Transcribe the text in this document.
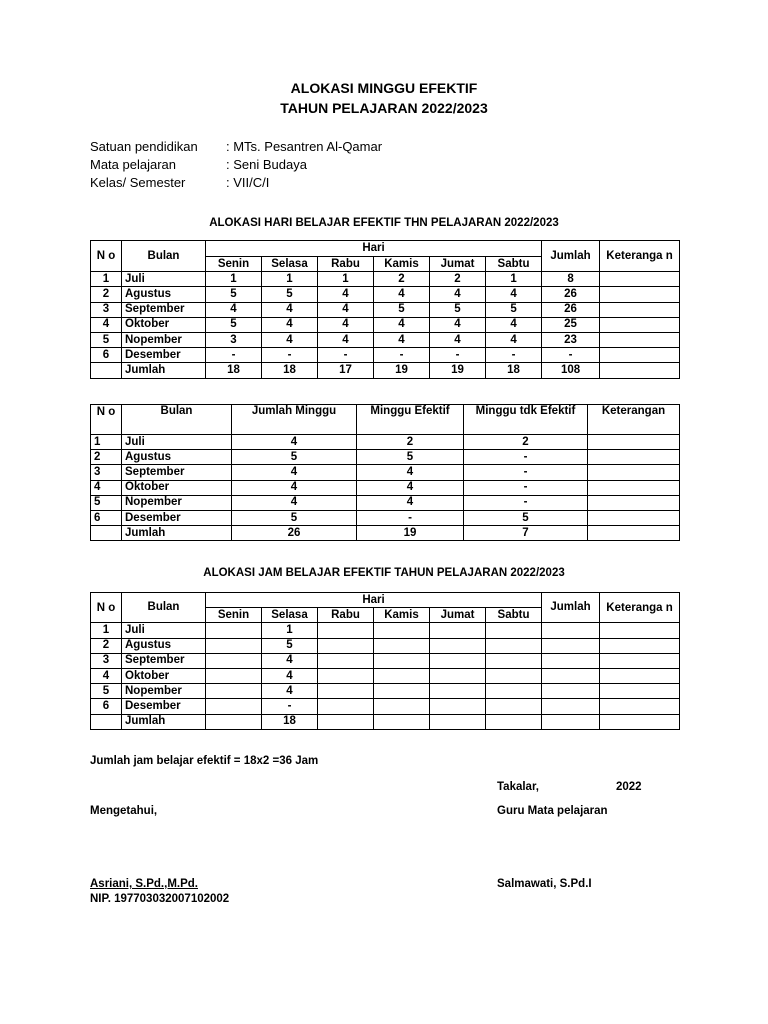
ALOKASI MINGGU EFEKTIF
TAHUN PELAJARAN 2022/2023
Satuan pendidikan : MTs. Pesantren Al-Qamar
Mata pelajaran	: Seni Budaya
Kelas/ Semester	: VII/C/I
ALOKASI HARI BELAJAR EFEKTIF THN PELAJARAN 2022/2023
N o	Bulan	Hari						Jumlah	Keteranga n
		Senin	Selasa	Rabu	Kamis	Jumat	Sabtu		
1	Juli	1	1	1	2	2	1	8	
2	Agustus	5	5	4	4	4	4	26	
3	September	4	4	4	5	5	5	26	
4	Oktober	5	4	4	4	4	4	25	
5	Nopember	3	4	4	4	4	4	23	
6	Desember	-	-	-	-	-	-	-	
	Jumlah	18	18	17	19	19	18	108	
N o	Bulan	Jumlah Minggu	Minggu Efektif	Minggu tdk Efektif	Keterangan
1	Juli	4	2	2	
2	Agustus	5	5	-	
3	September	4	4	-	
4	Oktober	4	4	-	
5	Nopember	4	4	-	
6	Desember	5	-	5	
	Jumlah	26	19	7	
ALOKASI JAM BELAJAR EFEKTIF TAHUN PELAJARAN 2022/2023
N o	Bulan	Hari						Jumlah	Keteranga n
		Senin	Selasa	Rabu	Kamis	Jumat	Sabtu		
1	Juli		1						
2	Agustus		5						
3	September		4						
4	Oktober		4						
5	Nopember		4						
6	Desember		-						
	Jumlah		18						
Jumlah jam belajar efektif = 18x2 =36 Jam
Takalar,	2022
Mengetahui,	Guru Mata pelajaran
Asriani, S.Pd.,M.Pd.
NIP. 197703032007102002
Salmawati, S.Pd.I
